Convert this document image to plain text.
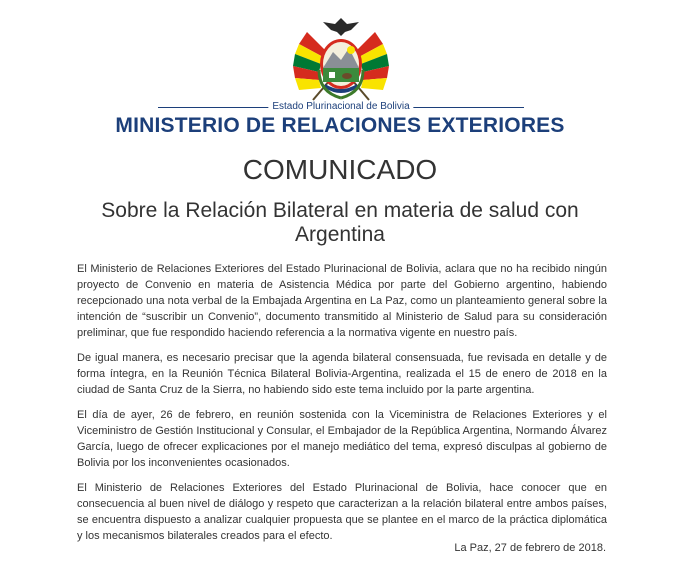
Estado Plurinacional de Bolivia
MINISTERIO DE RELACIONES EXTERIORES
COMUNICADO
Sobre la Relación Bilateral en materia de salud con Argentina

El Ministerio de Relaciones Exteriores del Estado Plurinacional de Bolivia, aclara que no ha recibido ningún proyecto de Convenio en materia de Asistencia Médica por parte del Gobierno argentino, habiendo recepcionado una nota verbal de la Embajada Argentina en La Paz, como un planteamiento general sobre la intención de “suscribir un Convenio”, documento transmitido al Ministerio de Salud para su consideración preliminar, que fue respondido haciendo referencia a la normativa vigente en nuestro país.

De igual manera, es necesario precisar que la agenda bilateral consensuada, fue revisada en detalle y de forma íntegra, en la Reunión Técnica Bilateral Bolivia-Argentina, realizada el 15 de enero de 2018 en la ciudad de Santa Cruz de la Sierra, no habiendo sido este tema incluido por la parte argentina.

El día de ayer, 26 de febrero, en reunión sostenida con la Viceministra de Relaciones Exteriores y el Viceministro de Gestión Institucional y Consular, el Embajador de la República Argentina, Normando Álvarez García, luego de ofrecer explicaciones por el manejo mediático del tema, expresó disculpas al gobierno de Bolivia por los inconvenientes ocasionados.

El Ministerio de Relaciones Exteriores del Estado Plurinacional de Bolivia, hace conocer que en consecuencia al buen nivel de diálogo y respeto que caracterizan a la relación bilateral entre ambos países, se encuentra dispuesto a analizar cualquier propuesta que se plantee en el marco de la práctica diplomática y los mecanismos bilaterales creados para el efecto.

La Paz, 27 de febrero de 2018.
